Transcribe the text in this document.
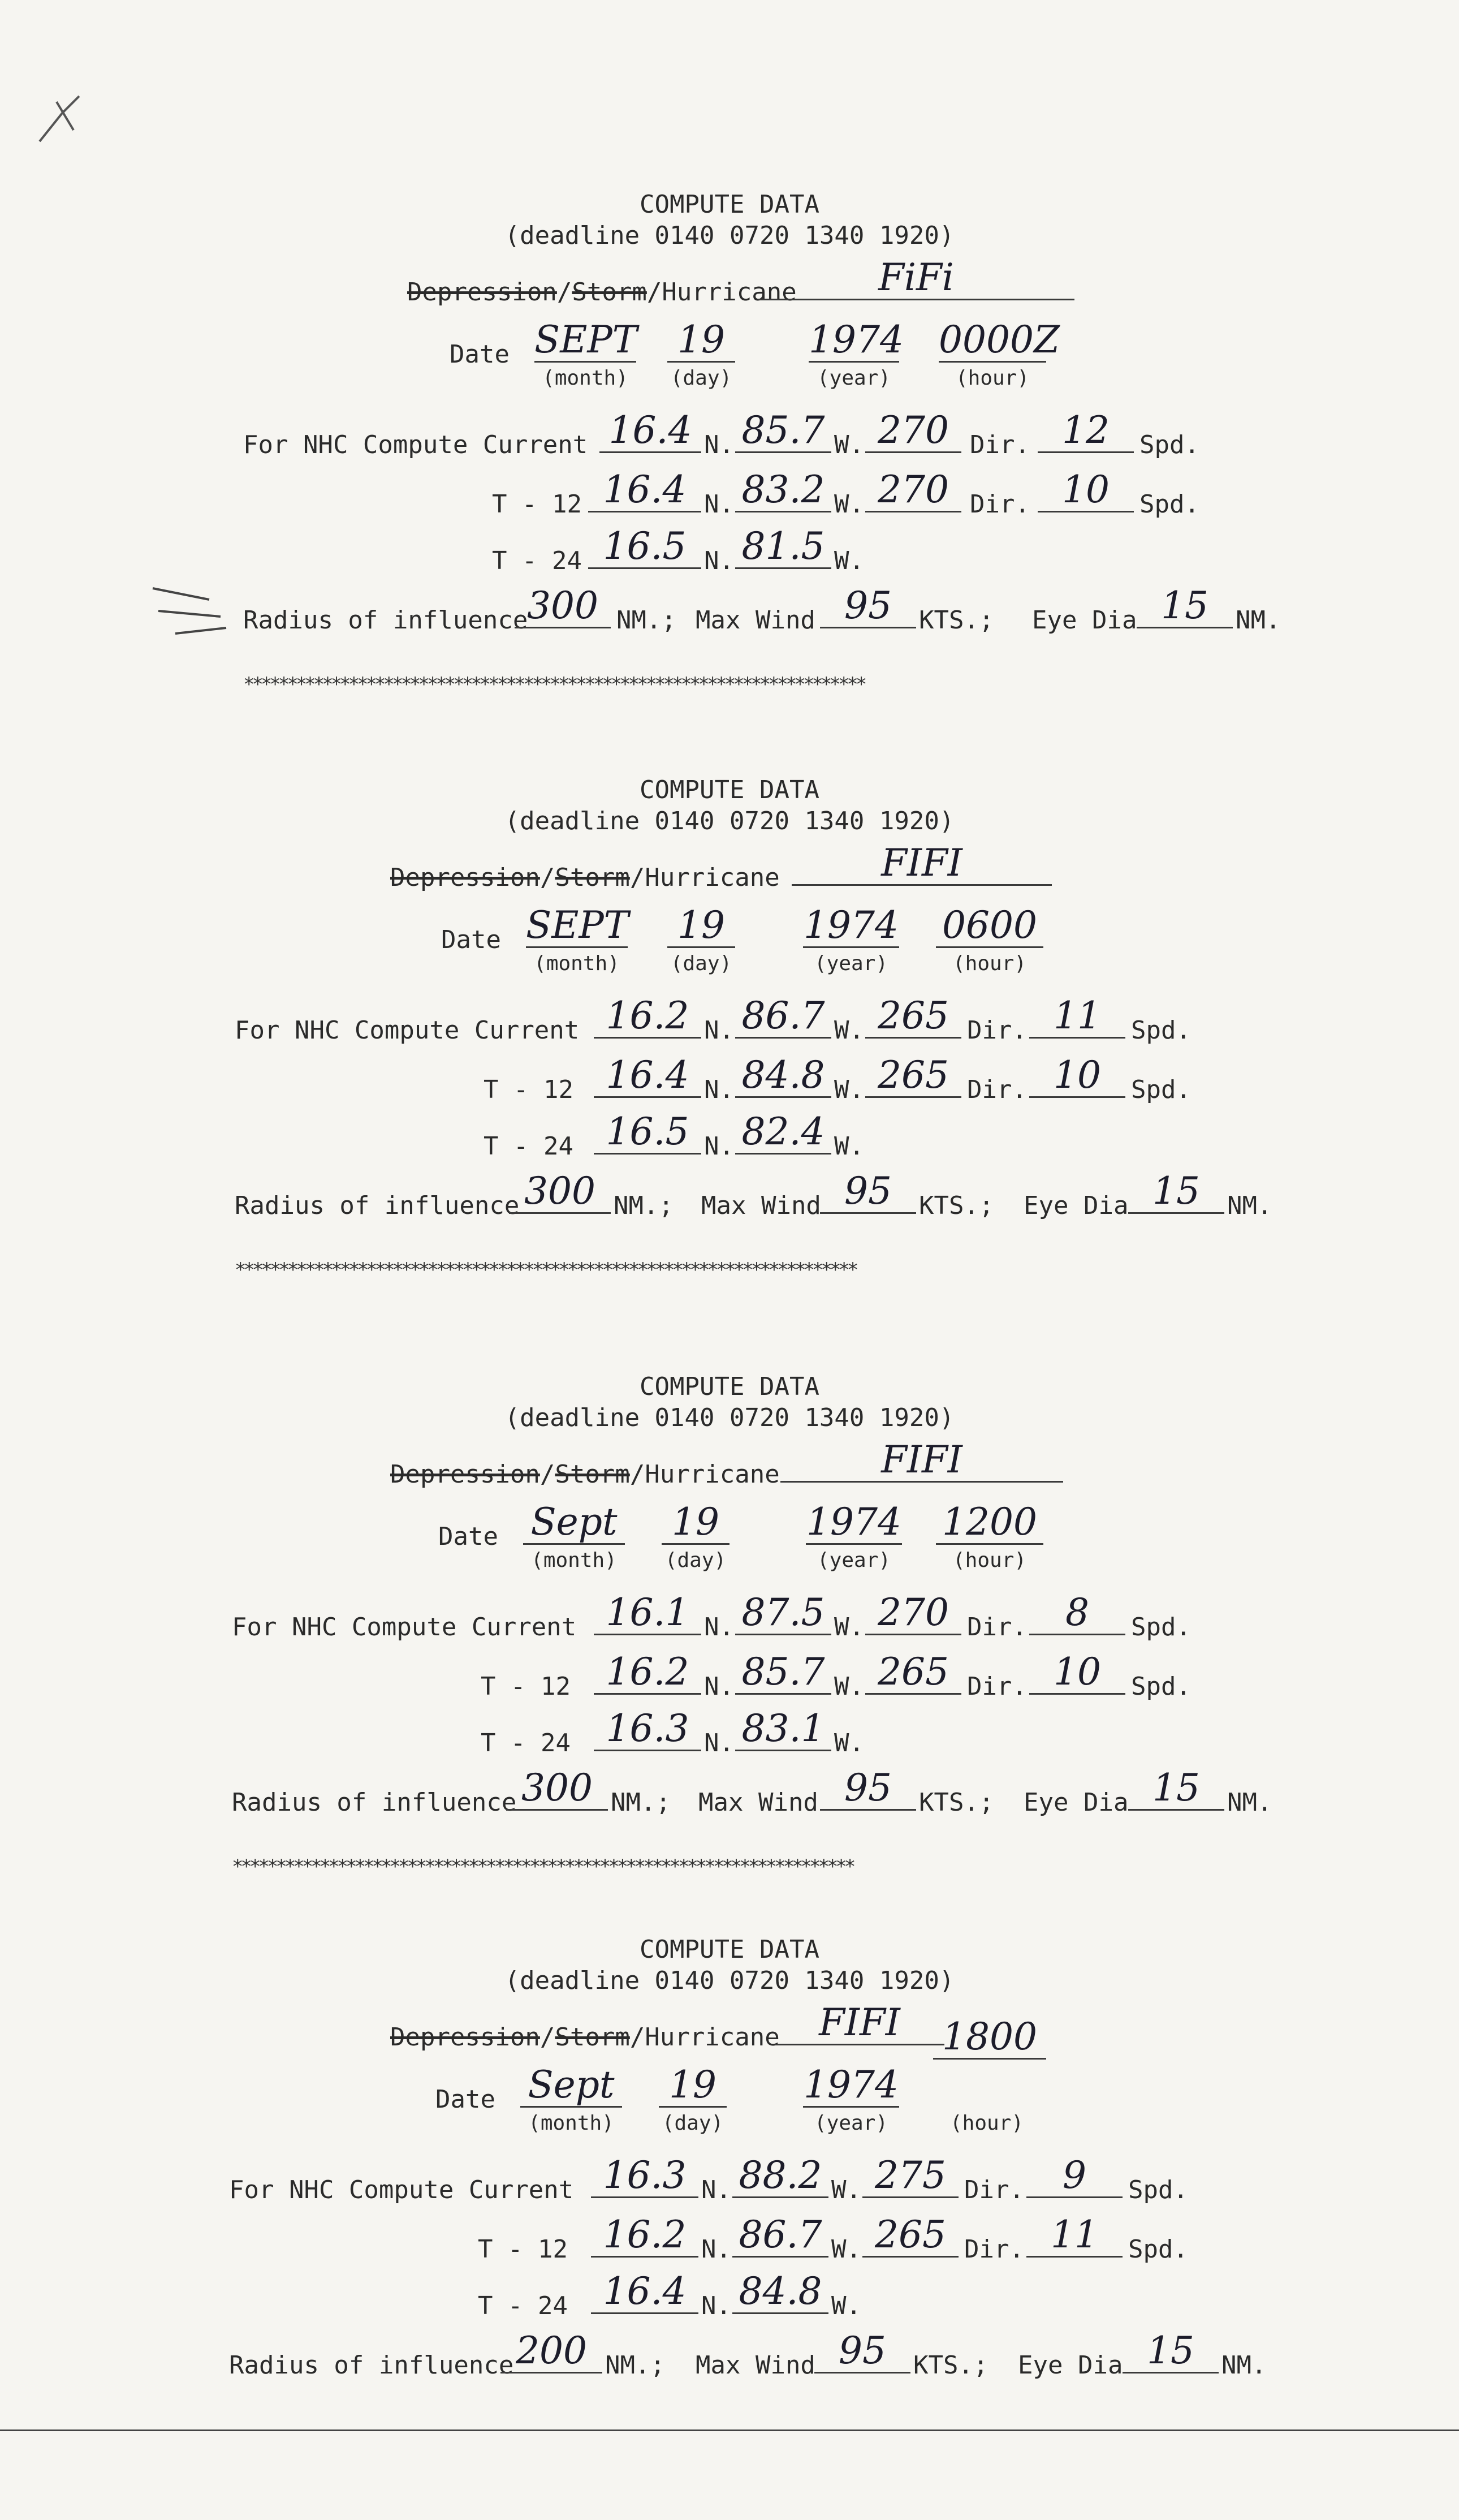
COMPUTE DATA
(deadline 0140 0720 1340 1920)
Depression/Storm/Hurricane	FiFi
Date SEPT 19 1974 0000Z
(month)	(day)	(year)	(hour)
For NHC Compute Current 16.4 N. 85.7 W. 270 Dir. 12	Spd.
T - 12 16.4 N. 83.2 W. 270 Dir. 10	Spd.
T - 24 16.5 N. 81.5 W.
Radius of influence
300 NM.; Max Wind 95	KTS.; Eye Dia 15	NM.
***********************************************************************
COMPUTE DATA
(deadline 0140 0720 1340 1920)
Depression/Storm/Hurricane	FIFI
Date SEPT 19 1974 0600
(month)	(day)	(year)	(hour)
For NHC Compute Current 16.2 N. 86.7 W. 265 Dir. 11	Spd.
T - 12 16.4 N. 84.8 W. 265 Dir. 10	Spd.
T - 24 16.5 N. 82.4 W.
Radius of influence 300 NM.; Max Wind 95	KTS.; Eye Dia 15	NM.
***********************************************************************
COMPUTE DATA
(deadline 0140 0720 1340 1920)
Depression/Storm/Hurricane	FIFI
Date Sept 19 1974 1200
(month)	(day)	(year)	(hour)
For NHC Compute Current 16.1 N. 87.5 W. 270 Dir.	8	Spd.
T - 12 16.2 N. 85.7 W. 265 Dir. 10	Spd.
T - 24 16.3 N. 83.1 W.
Radius of influence 300 NM.; Max Wind 95	KTS.; Eye Dia 15	NM.
***********************************************************************
COMPUTE DATA
(deadline 0140 0720 1340 1920)
Depression/Storm/Hurricane	FIFI
Date Sept 19 1974
1800
(month)	(day)	(year)	(hour)
For NHC Compute Current 16.3 N. 88.2 W. 275 Dir.	9	Spd.
T - 12 16.2 N. 86.7 W. 265 Dir. 11	Spd.
T - 24 16.4 N. 84.8 W.
Radius of influence 200 NM.; Max Wind 95	KTS.; Eye Dia 15	NM.
